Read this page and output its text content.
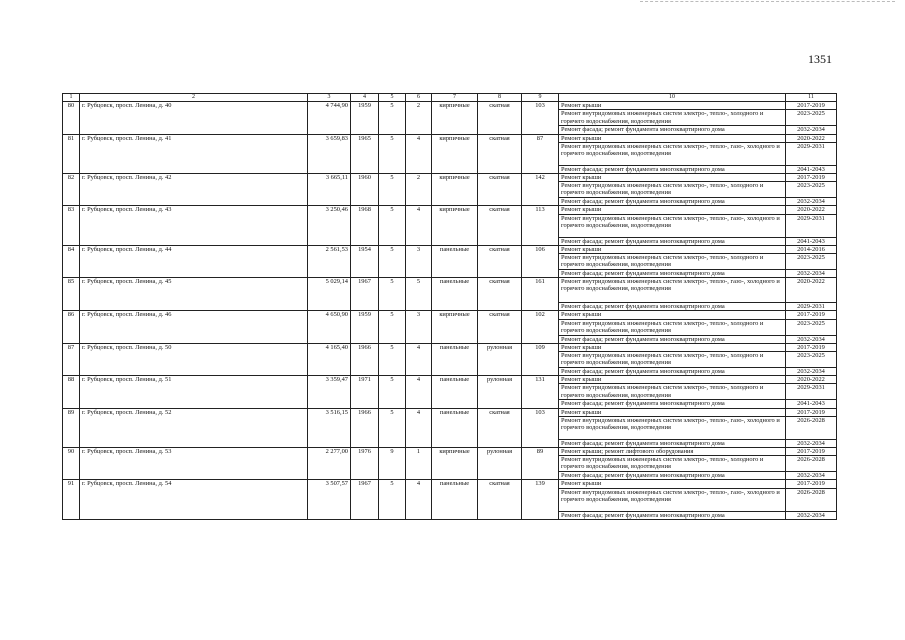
1351
1	2	3	4	5	6	7	8	9	10	11
80	г. Рубцовск, просп. Ленина, д. 40	4 744,90	1959	5	2	кирпичные	скатная	103	Ремонт крыши	2017-2019
									Ремонт внутридомовых инженерных систем электро-, тепло-, холодного и горячего водоснабжения, водоотведения	2023-2025
									Ремонт фасада; ремонт фундамента многоквартирного дома	2032-2034
81	г. Рубцовск, просп. Ленина, д. 41	3 659,83	1965	5	4	кирпичные	скатная	87	Ремонт крыши	2020-2022
									Ремонт внутридомовых инженерных систем электро-, тепло-, газо-, холодного и горячего водоснабжения, водоотведения	2029-2031
									Ремонт фасада; ремонт фундамента многоквартирного дома	2041-2043
82	г. Рубцовск, просп. Ленина, д. 42	3 665,11	1960	5	2	кирпичные	скатная	142	Ремонт крыши	2017-2019
									Ремонт внутридомовых инженерных систем электро-, тепло-, холодного и горячего водоснабжения, водоотведения	2023-2025
									Ремонт фасада; ремонт фундамента многоквартирного дома	2032-2034
83	г. Рубцовск, просп. Ленина, д. 43	3 250,46	1968	5	4	кирпичные	скатная	113	Ремонт крыши	2020-2022
									Ремонт внутридомовых инженерных систем электро-, тепло-, газо-, холодного и горячего водоснабжения, водоотведения	2029-2031
									Ремонт фасада; ремонт фундамента многоквартирного дома	2041-2043
84	г. Рубцовск, просп. Ленина, д. 44	2 561,53	1954	5	3	панельные	скатная	106	Ремонт крыши	2014-2016
									Ремонт внутридомовых инженерных систем электро-, тепло-, холодного и горячего водоснабжения, водоотведения	2023-2025
									Ремонт фасада; ремонт фундамента многоквартирного дома	2032-2034
85	г. Рубцовск, просп. Ленина, д. 45	5 029,14	1967	5	5	панельные	скатная	161	Ремонт внутридомовых инженерных систем электро-, тепло-, газо-, холодного и горячего водоснабжения, водоотведения	2020-2022
									Ремонт фасада; ремонт фундамента многоквартирного дома	2029-2031
86	г. Рубцовск, просп. Ленина, д. 46	4 650,90	1959	5	3	кирпичные	скатная	102	Ремонт крыши	2017-2019
									Ремонт внутридомовых инженерных систем электро-, тепло-, холодного и горячего водоснабжения, водоотведения	2023-2025
									Ремонт фасада; ремонт фундамента многоквартирного дома	2032-2034
87	г. Рубцовск, просп. Ленина, д. 50	4 165,40	1966	5	4	панельные	рулонная	109	Ремонт крыши	2017-2019
									Ремонт внутридомовых инженерных систем электро-, тепло-, холодного и горячего водоснабжения, водоотведения	2023-2025
									Ремонт фасада; ремонт фундамента многоквартирного дома	2032-2034
88	г. Рубцовск, просп. Ленина, д. 51	3 359,47	1971	5	4	панельные	рулонная	131	Ремонт крыши	2020-2022
									Ремонт внутридомовых инженерных систем электро-, тепло-, холодного и горячего водоснабжения, водоотведения	2029-2031
									Ремонт фасада; ремонт фундамента многоквартирного дома	2041-2043
89	г. Рубцовск, просп. Ленина, д. 52	3 516,15	1966	5	4	панельные	скатная	103	Ремонт крыши	2017-2019
									Ремонт внутридомовых инженерных систем электро-, тепло-, газо-, холодного и горячего водоснабжения, водоотведения	2026-2028
									Ремонт фасада; ремонт фундамента многоквартирного дома	2032-2034
90	г. Рубцовск, просп. Ленина, д. 53	2 277,00	1976	9	1	кирпичные	рулонная	89	Ремонт крыши; ремонт лифтового оборудования	2017-2019
									Ремонт внутридомовых инженерных систем электро-, тепло-, холодного и горячего водоснабжения, водоотведения	2026-2028
									Ремонт фасада; ремонт фундамента многоквартирного дома	2032-2034
91	г. Рубцовск, просп. Ленина, д. 54	3 507,57	1967	5	4	панельные	скатная	139	Ремонт крыши	2017-2019
									Ремонт внутридомовых инженерных систем электро-, тепло-, газо-, холодного и горячего водоснабжения, водоотведения	2026-2028
									Ремонт фасада; ремонт фундамента многоквартирного дома	2032-2034
